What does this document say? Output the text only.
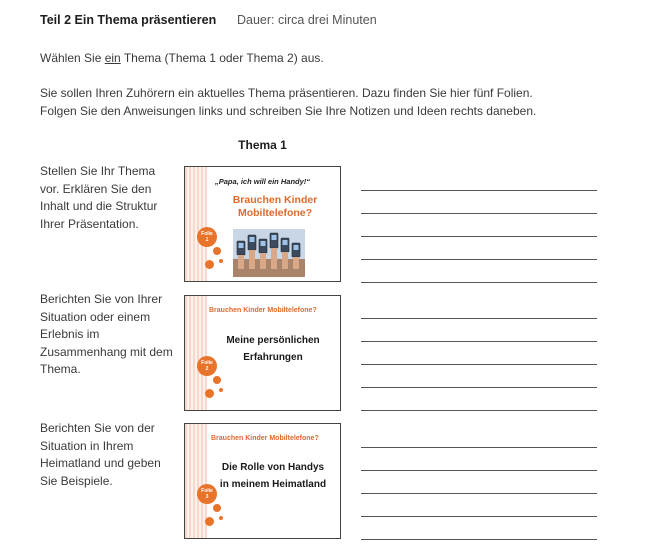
Teil 2 Ein Thema präsentieren Dauer: circa drei Minuten
Wählen Sie ein Thema (Thema 1 oder Thema 2) aus.
Sie sollen Ihren Zuhörern ein aktuelles Thema präsentieren. Dazu finden Sie hier fünf Folien.
Folgen Sie den Anweisungen links und schreiben Sie Ihre Notizen und Ideen rechts daneben.
Thema 1
Stellen Sie Ihr Thema vor. Erklären Sie den Inhalt und die Struktur Ihrer Präsentation.
„Papa, ich will ein Handy!“
Brauchen Kinder
Mobiltelefone?
Folie
1
Berichten Sie von Ihrer Situation oder einem Erlebnis im Zusammenhang mit dem Thema.
Brauchen Kinder Mobiltelefone?
Meine persönlichen
Erfahrungen
Folie
2
Berichten Sie von der Situation in Ihrem Heimatland und geben Sie Beispiele.
Brauchen Kinder Mobiltelefone?
Die Rolle von Handys
in meinem Heimatland
Folie
3
